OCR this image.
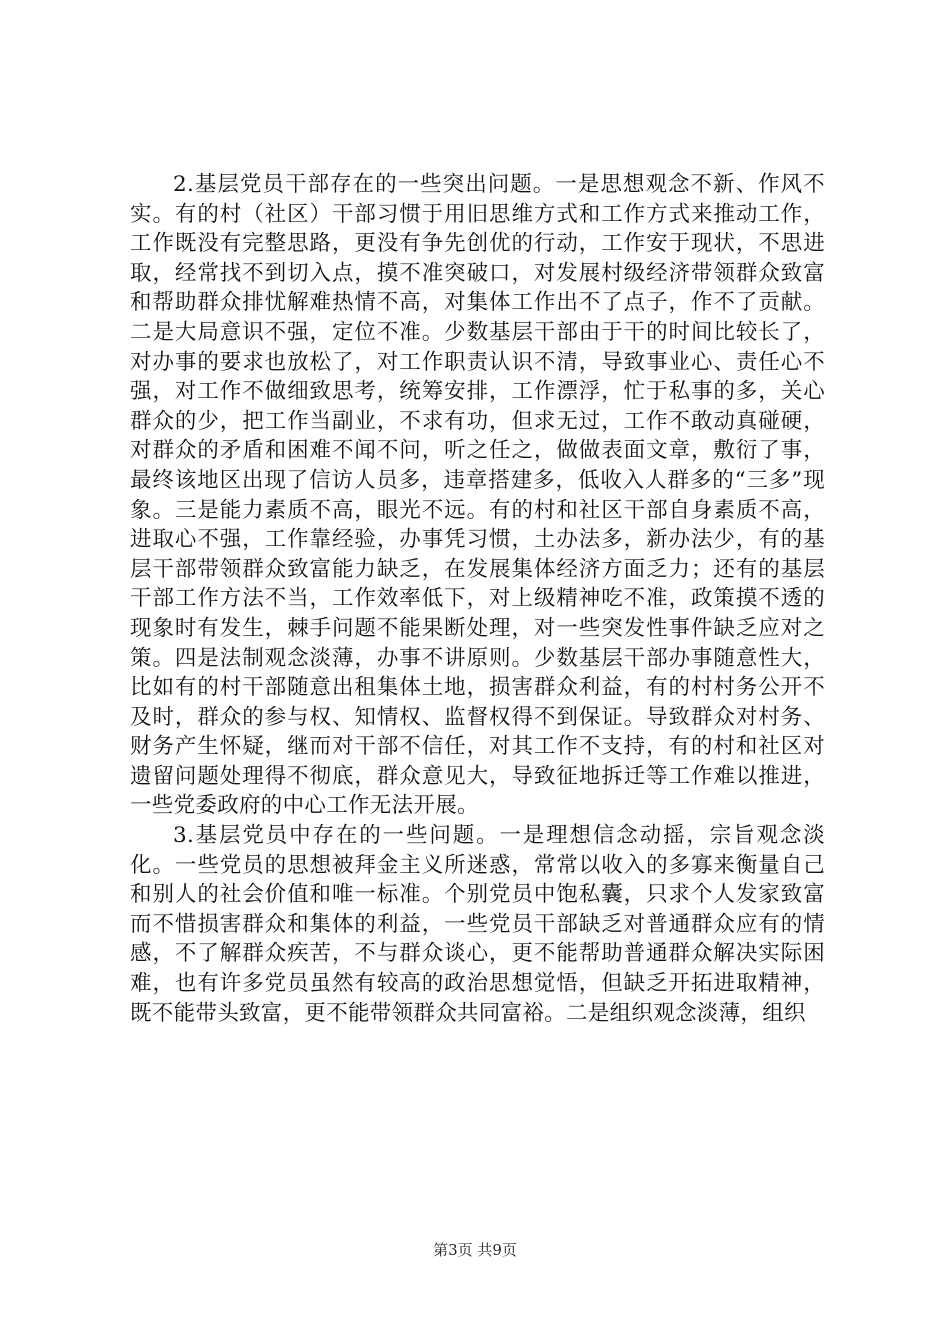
2.基层党员干部存在的一些突出问题。一是思想观念不新、作风不实。有的村（社区）干部习惯于用旧思维方式和工作方式来推动工作，工作既没有完整思路，更没有争先创优的行动，工作安于现状，不思进取，经常找不到切入点，摸不准突破口，对发展村级经济带领群众致富和帮助群众排忧解难热情不高，对集体工作出不了点子，作不了贡献。二是大局意识不强，定位不准。少数基层干部由于干的时间比较长了，对办事的要求也放松了，对工作职责认识不清，导致事业心、责任心不强，对工作不做细致思考，统筹安排，工作漂浮，忙于私事的多，关心群众的少，把工作当副业，不求有功，但求无过，工作不敢动真碰硬，对群众的矛盾和困难不闻不问，听之任之，做做表面文章，敷衍了事，最终该地区出现了信访人员多，违章搭建多，低收入人群多的“三多”现象。三是能力素质不高，眼光不远。有的村和社区干部自身素质不高，进取心不强，工作靠经验，办事凭习惯，土办法多，新办法少，有的基层干部带领群众致富能力缺乏，在发展集体经济方面乏力；还有的基层干部工作方法不当，工作效率低下，对上级精神吃不准，政策摸不透的现象时有发生，棘手问题不能果断处理，对一些突发性事件缺乏应对之策。四是法制观念淡薄，办事不讲原则。少数基层干部办事随意性大，比如有的村干部随意出租集体土地，损害群众利益，有的村村务公开不及时，群众的参与权、知情权、监督权得不到保证。导致群众对村务、财务产生怀疑，继而对干部不信任，对其工作不支持，有的村和社区对遗留问题处理得不彻底，群众意见大，导致征地拆迁等工作难以推进，一些党委政府的中心工作无法开展。

3.基层党员中存在的一些问题。一是理想信念动摇，宗旨观念淡化。一些党员的思想被拜金主义所迷惑，常常以收入的多寡来衡量自己和别人的社会价值和唯一标准。个别党员中饱私囊，只求个人发家致富而不惜损害群众和集体的利益，一些党员干部缺乏对普通群众应有的情感，不了解群众疾苦，不与群众谈心，更不能帮助普通群众解决实际困难，也有许多党员虽然有较高的政治思想觉悟，但缺乏开拓进取精神，既不能带头致富，更不能带领群众共同富裕。二是组织观念淡薄，组织

第3页 共9页
